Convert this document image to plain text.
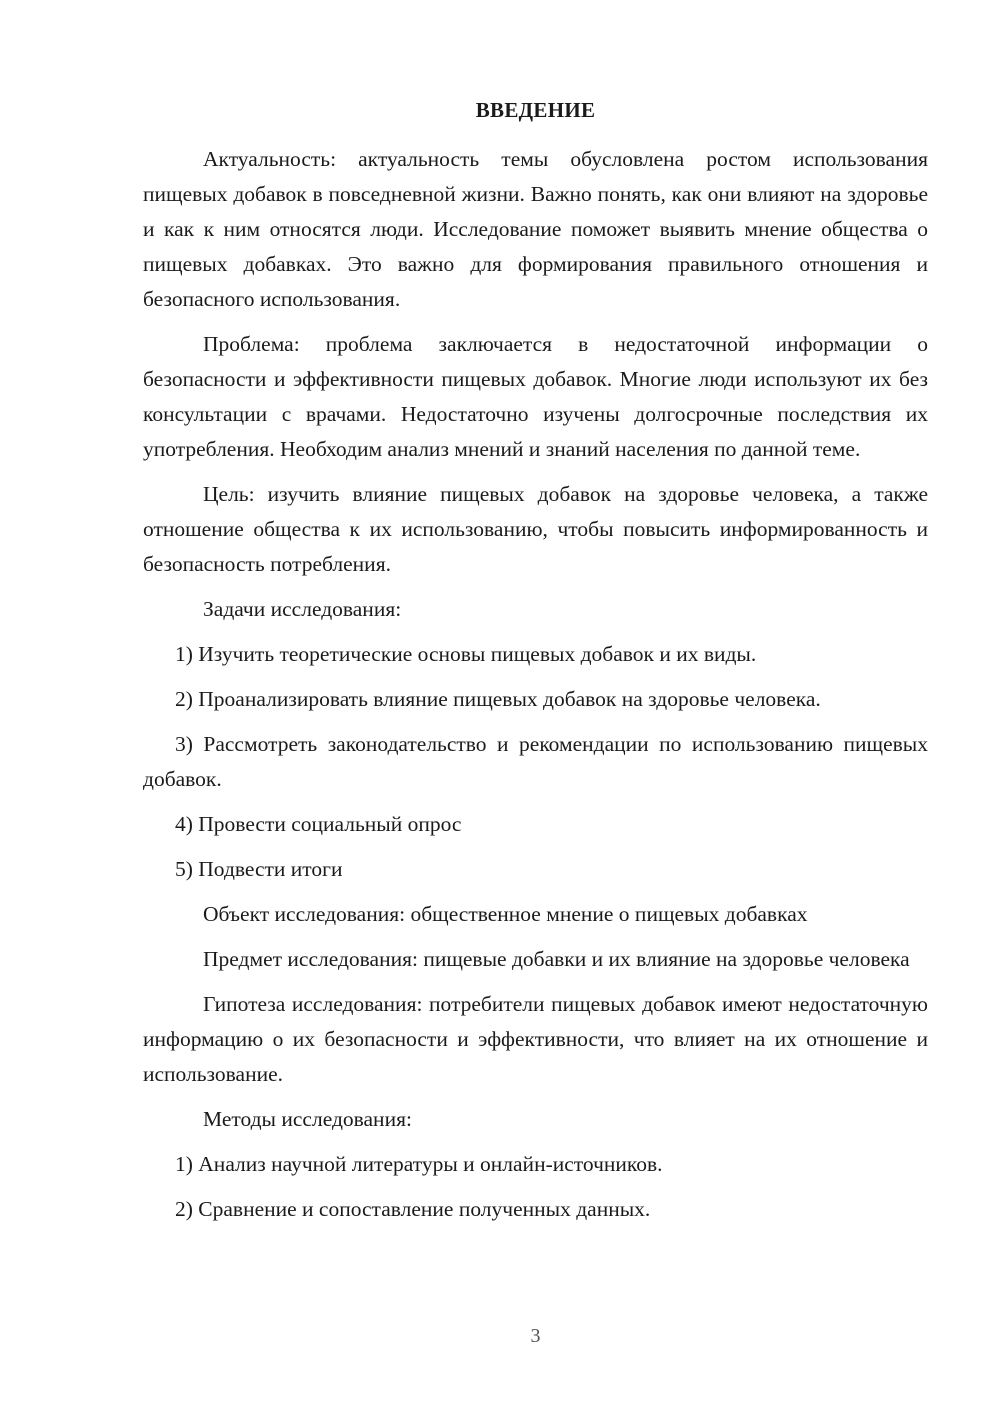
ВВЕДЕНИЕ

Актуальность: актуальность темы обусловлена ростом использования пищевых добавок в повседневной жизни. Важно понять, как они влияют на здоровье и как к ним относятся люди. Исследование поможет выявить мнение общества о пищевых добавках. Это важно для формирования правильного отношения и безопасного использования.

Проблема: проблема заключается в недостаточной информации о безопасности и эффективности пищевых добавок. Многие люди используют их без консультации с врачами. Недостаточно изучены долгосрочные последствия их употребления. Необходим анализ мнений и знаний населения по данной теме.

Цель: изучить влияние пищевых добавок на здоровье человека, а также отношение общества к их использованию, чтобы повысить информированность и безопасность потребления.

Задачи исследования:

1) Изучить теоретические основы пищевых добавок и их виды.

2) Проанализировать влияние пищевых добавок на здоровье человека.

3) Рассмотреть законодательство и рекомендации по использованию пищевых добавок.

4) Провести социальный опрос

5) Подвести итоги

Объект исследования: общественное мнение о пищевых добавках

Предмет исследования: пищевые добавки и их влияние на здоровье человека

Гипотеза исследования: потребители пищевых добавок имеют недостаточную информацию о их безопасности и эффективности, что влияет на их отношение и использование.

Методы исследования:

1) Анализ научной литературы и онлайн-источников.

2) Сравнение и сопоставление полученных данных.

3
